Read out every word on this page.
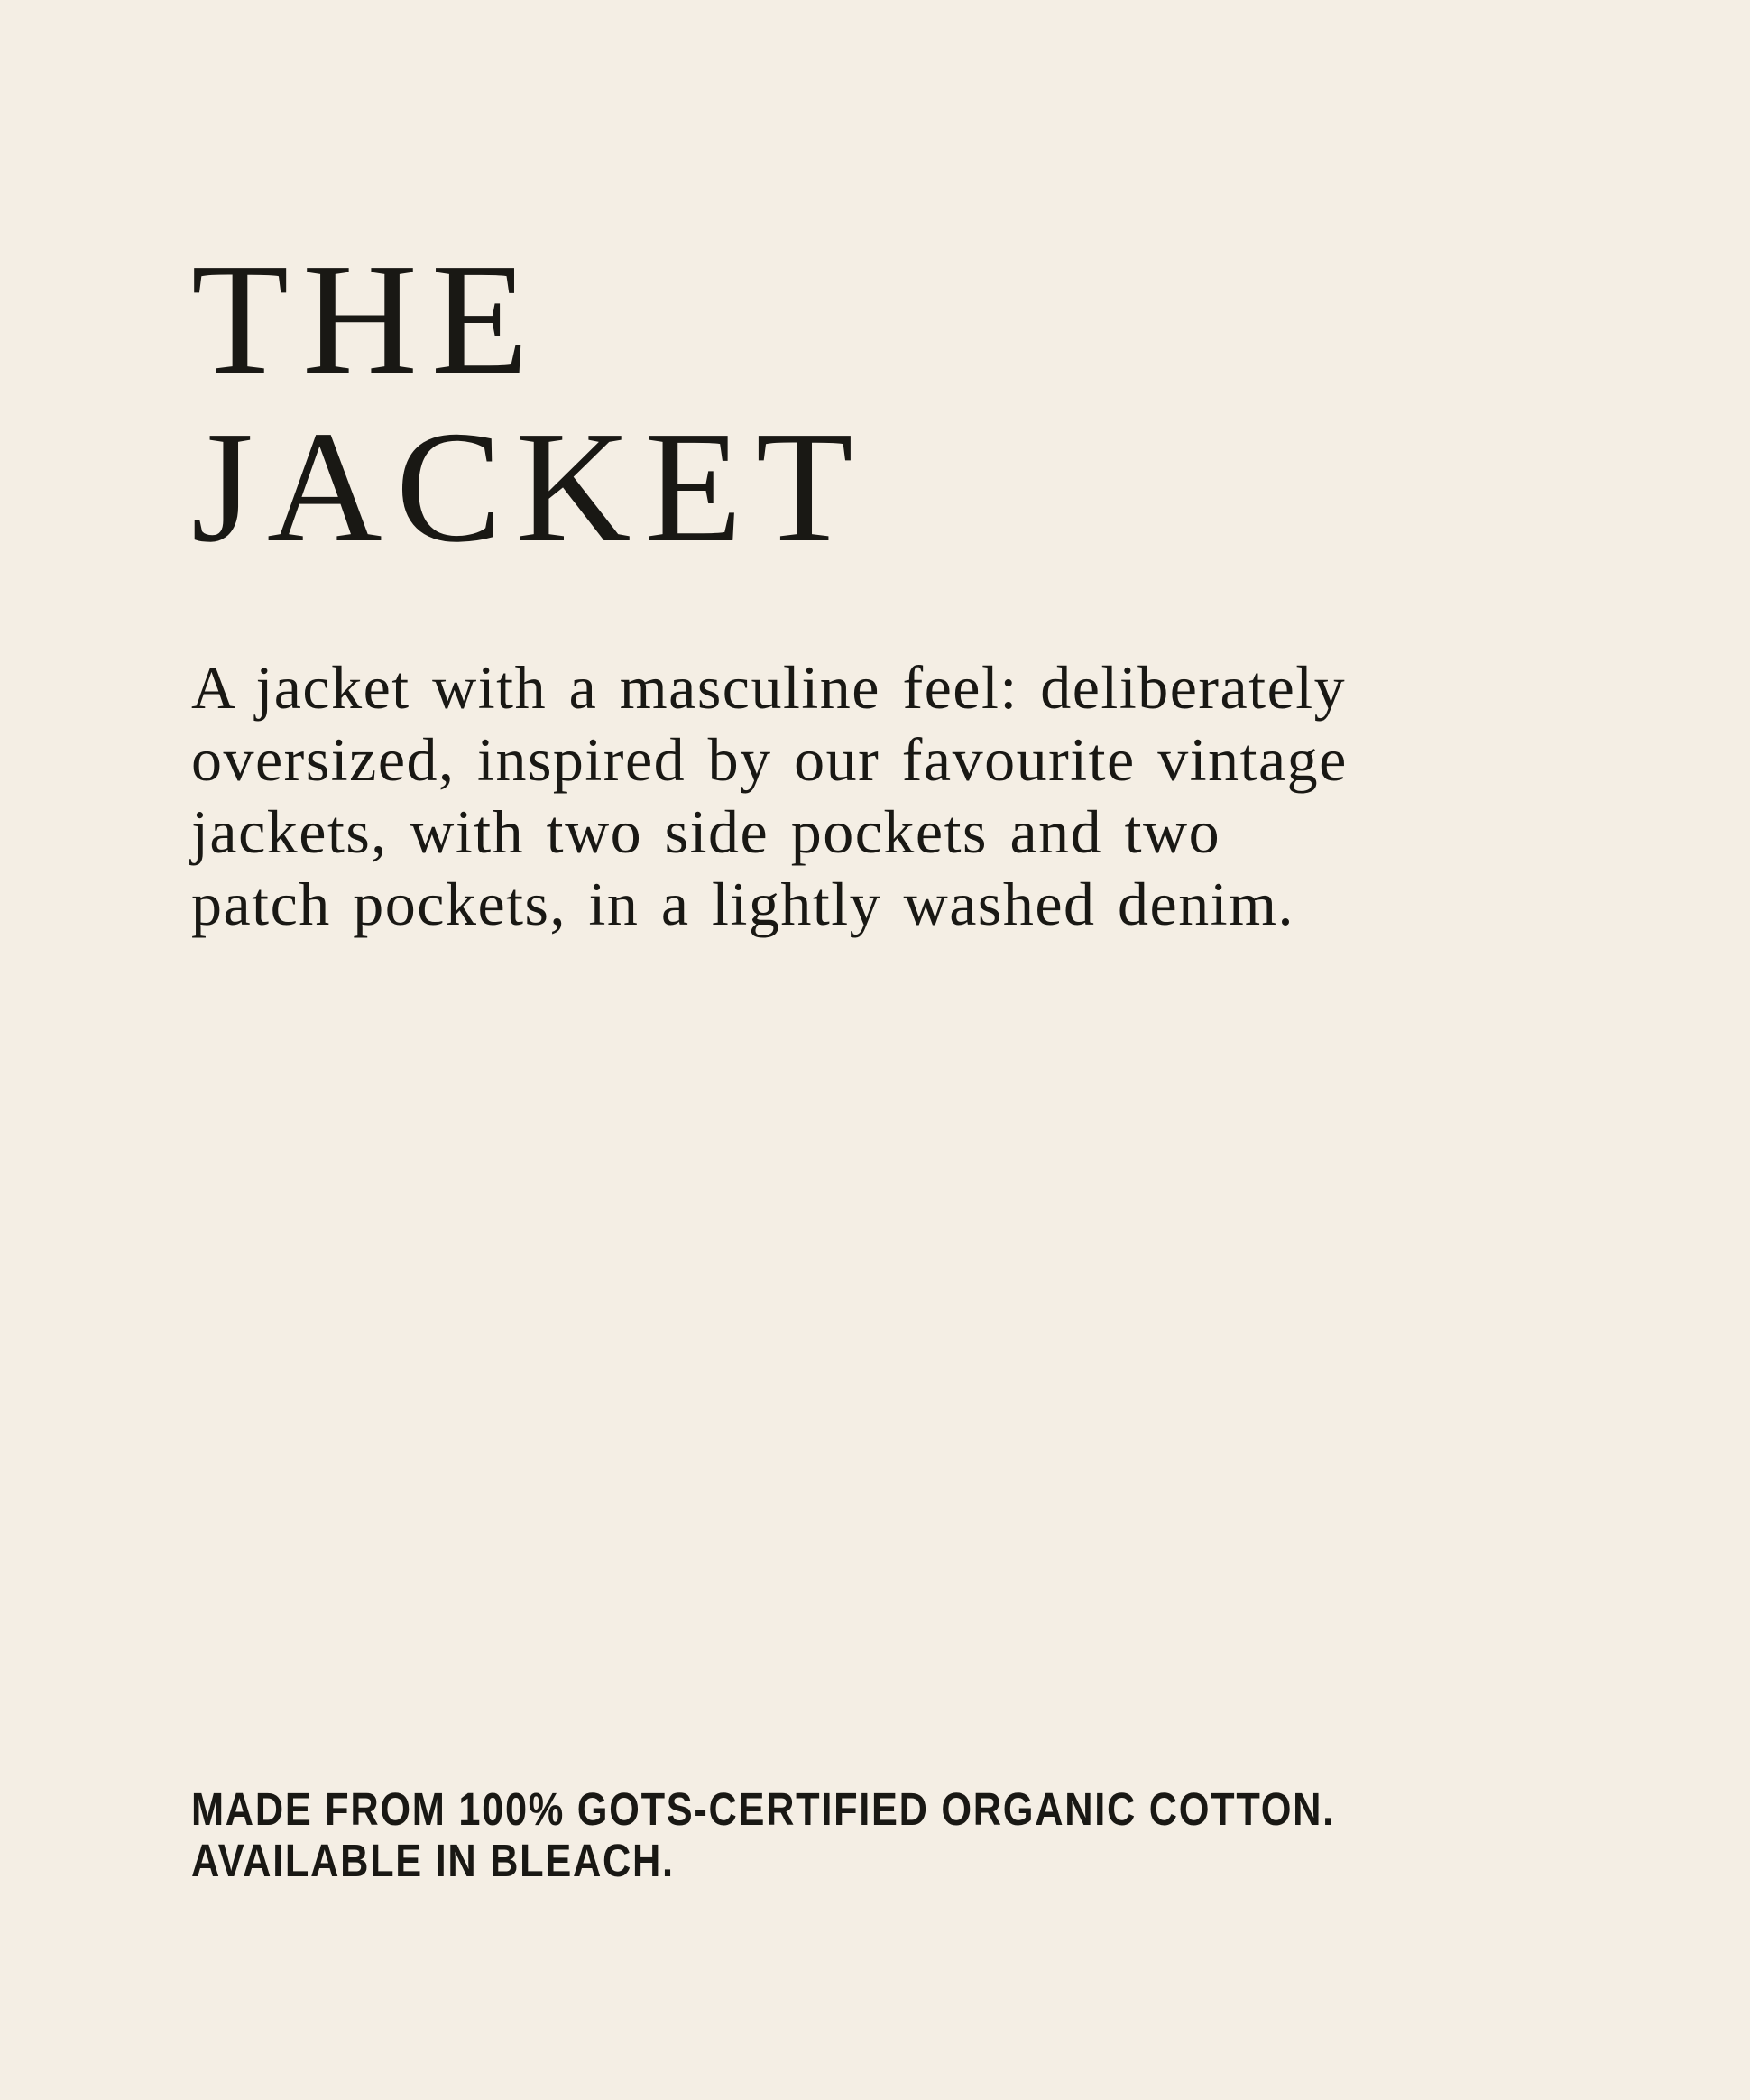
THE
JACKET

A jacket with a masculine feel: deliberately
oversized, inspired by our favourite vintage
jackets, with two side pockets and two
patch pockets, in a lightly washed denim.

MADE FROM 100% GOTS-CERTIFIED ORGANIC COTTON.
AVAILABLE IN BLEACH.
